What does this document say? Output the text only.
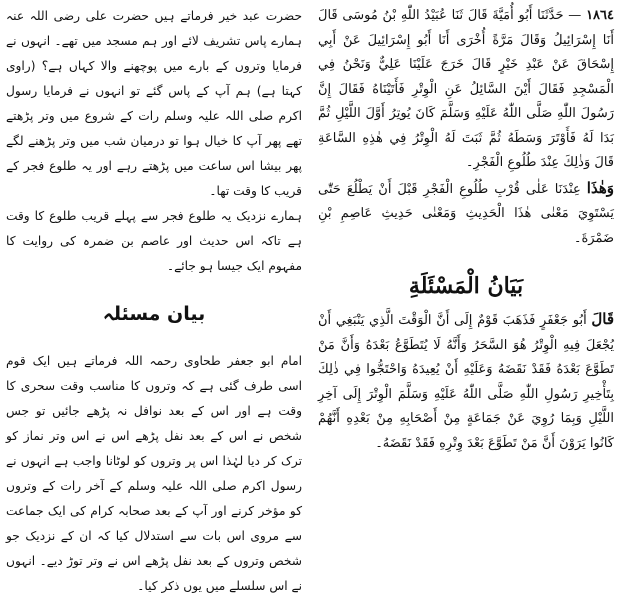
حضرت عبد خیر فرماتے ہیں حضرت علی رضی اللہ عنہ ہمارے پاس تشریف لائے اور ہم مسجد میں تھے۔ انہوں نے فرمایا وتروں کے بارے میں پوچھنے والا کہاں ہے؟ (راوی کہتا ہے) ہم آپ کے پاس گئے تو انہوں نے فرمایا رسول اکرم صلی اللہ علیہ وسلم رات کے شروع میں وتر پڑھتے تھے پھر آپ کا خیال ہوا تو درمیان شب میں وتر پڑھنے لگے پھر بیشا اس ساعت میں پڑھتے رہے اور یہ طلوع فجر کے قریب کا وقت تھا۔

ہمارے نزدیک یہ طلوع فجر سے پہلے قریب طلوع کا وقت ہے تاکہ اس حدیث اور عاصم بن ضمرہ کی روایت کا مفہوم ایک جیسا ہو جائے۔

بیان مسئلہ

امام ابو جعفر طحاوی رحمہ اللہ فرماتے ہیں ایک قوم اسی طرف گئی ہے کہ وتروں کا مناسب وقت سحری کا وقت ہے اور اس کے بعد نوافل نہ پڑھے جائیں تو جس شخص نے اس کے بعد نفل پڑھے اس نے اس وتر نماز کو ترک کر دیا لہٰذا اس پر وتروں کو لوٹانا واجب ہے انہوں نے رسول اکرم صلی اللہ علیہ وسلم کے آخر رات کے وتروں کو مؤخر کرنے اور آپ کے بعد صحابہ کرام کی ایک جماعت سے مروی اس بات سے استدلال کیا کہ ان کے نزدیک جو شخص وتروں کے بعد نفل پڑھے اس نے وتر توڑ دیے۔ انہوں نے اس سلسلے میں یوں ذکر کیا۔

١٨٦٤ — حَدَّثَنَا أَبُو أُمَيَّةَ قَالَ ثَنَا عُبَيْدُ اللّٰهِ بْنُ مُوسَى قَالَ أَنَا إِسْرَائِيلُ وَقَالَ مَرَّةً أُخْرَى أَنَا أَبُو إِسْرَائِيلَ عَنْ أَبِي إِسْحَاقَ عَنْ عَبْدِ خَيْرٍ قَالَ خَرَجَ عَلَيْنَا عَلِيٌّ وَنَحْنُ فِي الْمَسْجِدِ فَقَالَ أَيْنَ السَّائِلُ عَنِ الْوِتْرِ فَأَتَيْنَاهُ فَقَالَ إِنَّ رَسُولَ اللّٰهِ صَلَّى اللّٰهُ عَلَيْهِ وَسَلَّمَ كَانَ يُوتِرُ أَوَّلَ اللَّيْلِ ثُمَّ بَدَا لَهُ فَأَوْتَرَ وَسَطَهُ ثُمَّ ثَبَتَ لَهُ الْوِتْرُ فِي هٰذِهِ السَّاعَةِ قَالَ وَذٰلِكَ عِنْدَ طُلُوعِ الْفَجْرِ۔

وَهٰذَا عِنْدَنَا عَلٰى قُرْبِ طُلُوعِ الْفَجْرِ قَبْلَ أَنْ يَطْلُعَ حَتّٰى يَسْتَوِيَ مَعْنٰى هٰذَا الْحَدِيثِ وَمَعْنٰى حَدِيثِ عَاصِمِ بْنِ ضَمْرَةَ۔

بَيَانُ الْمَسْئَلَةِ

قَالَ أَبُو جَعْفَرٍ فَذَهَبَ قَوْمٌ إِلَى أَنَّ الْوَقْتَ الَّذِي يَنْبَغِي أَنْ يُجْعَلَ فِيهِ الْوِتْرُ هُوَ السَّحَرُ وَأَنَّهُ لَا يُتَطَوَّعُ بَعْدَهُ وَأَنَّ مَنْ تَطَوَّعَ بَعْدَهُ فَقَدْ نَقَضَهُ وَعَلَيْهِ أَنْ يُعِيدَهُ وَاحْتَجُّوا فِي ذٰلِكَ بِتَأْخِيرِ رَسُولِ اللّٰهِ صَلَّى اللّٰهُ عَلَيْهِ وَسَلَّمَ الْوِتْرَ إِلَى آخِرِ اللَّيْلِ وَبِمَا رُوِيَ عَنْ جَمَاعَةٍ مِنْ أَصْحَابِهِ مِنْ بَعْدِهِ أَنَّهُمْ كَانُوا يَرَوْنَ أَنَّ مَنْ تَطَوَّعَ بَعْدَ وِتْرِهِ فَقَدْ نَقَضَهُ۔
